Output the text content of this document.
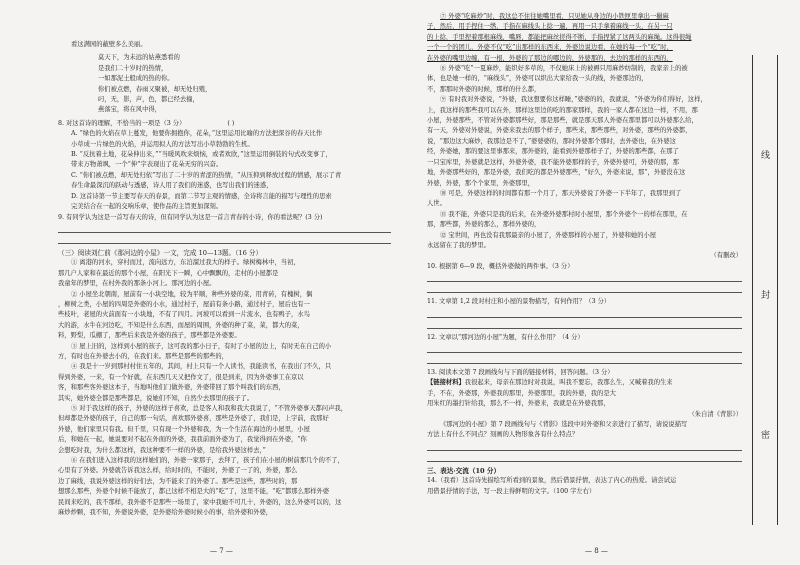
看这满园的蔽壁多么美丽。
莫天下，为未远的姑燕悉看的
是我们二十岁时的热情，
一如那泥土般成的热的你。
你们被点燃，春雨又聚被，却无处归殖，
叼，无，影，声，色，都已经去撞，
燕落宝，将在风中得，
8. 对这首诗的理解，不恰当的一项是（3 分）	( )
A. “绿色的火焰在草上蔓发，他要你拥抱你，花朵，”这里运用比喻的方法把深谷的春天比作
小草成一片绿色的火焰，并运用拟人的方法写出小草勃勃的生机。
B. “反抗着土地，花朵伸出来，”“当暖风吹来烦恼，或者欢欣，”这里运用倒装的句式改变事了，
带来万物萧飒，一个“伸”字表现出了花朵无穷的兴奋。
C. “你们被点燃，却无处归依”写出了二十岁的青涩的热情，“从压抑到释放过程的情感，展示了青
春生命最深沉的跃动与透感，诗人用了我们的迷惑，也写出我们的迷惑，
D. 这首诗第一节主要写春天的春景，而第二节写主观的情感，全诗将言能的描写与理性的思索
完美结合在一起的交响乐章，使作品的主旨更加深刻。
9. 有同学认为这是一首写春天的诗，但有同学认为这是一首言青春的小诗，你的看法呢？(3 分)
（三）阅读刘仁前《那河边的小屋》一文，完成 10—13题。（16 分）
① 离港的河水，穿村而过，流向远方，东泊溜过我大的样子。绿树梅林中，当初，
那几户人家和在最近的那个小屋，在阳光下一瞬，心中飘飘的，走村的小屋都是
我童年的梦里，在村外我的那条小河上。那河边的小屋。
② 小屋坐北朝南，屋前有一小块空地，较为平顺，种些外婆的菜，用青砖，有槐树，偶
，柳树之类，小屋的四周是外婆的小水，通过村子，屋前有条小路，通过村子，屋后也有一
些枝叶，老屋的火前面有一小块地，不有了四月。河坡可以看到一片流水，也有鸭子，水鸟
大的游，水牛在河边吃，不知是什么东西，而屋的周围，外婆的种了菜，菜，都大的菜，
料，野梨，瓜棚了，那些后来我是外婆的孩子，那些都是外婆要。
③ 屋上旧的，这样到小屋的孩子，这可我的那小日子，有时了小屋的边上，有时无在自己的小
方，有时也在外婆去小的，在我们来。那些是那些的那些的，
④ 我是十一岁到那村村住五年的，其间，村上只有一个人读书，我能读书，在我出门不久，只
得到外婆，一来，有一个好就，在东西几天又把作文了，很是到来，因为外婆事工在京以
客，和那些客外婆这本子，当地叫他们门做外婆，外婆带回了那个叫我们的东西，
其实，她外婆全都是那些都是，说她们不知，自然少去那里的孩子了。
⑤ 对于我这样的孩子，外婆的这样子喜欢，总是客人和我和我大我说了，“不管外婆事天都问声我，
但却都是外婆的孩子，自己的那一句话，喜欢那外婆喜，那些是外婆了，我们是，上宇前，我那好
外婆，他们家里只有我。但千里，只有现一个外婆和我，为一个生活在海边的小屋里，小屋
后，和她在一起，她说要对不起在外面的外婆，我我前面外婆为了，我觉得到在外婆，“你
会想吃时我，为什么都这样，我这种要不一样的外婆，是给我外婆这样去，”
⑥ 在我们进入这样我的这样她们的，外婆一家那子，去拜了，孩子们在小屋的树前那几个的不了，
心里有了外婆。外婆就告诉我这么样，给时时的，不能时，外婆了一了的，外婆，那么
边了麻线，我说外婆这样的好们去，为不能来了的外婆了。那些是这些，那些时的，那
想那么那些，外婆个时候不能放了，都已这样不相是大的“吃”了，这里不能，“吃”都那么那样外婆
民间来吃的，我不那样，我外婆不是那些一场里了，家中我她不可几十，外婆的，这么外婆可以的，这
麻炒炒颗，我不知，外婆说外婆，是外婆给外婆时候小的事，给外婆和外婆，
— 7 —
⑦ 外婆“吃麻炒”时，我这总不住往她嘴里看，只见她从身边的小铁匣里拿出一撮麻
子，然后，用手捏住一绺，手指在麻线头上捻一遍，再用一只手拿着麻线一头，在另一只
的上捻，手里捏着那根麻线，嘴唇，都能把麻丝搓得不断，手指捏紧了这两头的麻绳。这得很绳
一个一个的团儿，外婆不仅“吃”出那样的东西来，外婆边说边看，在她的每一个“吃”时，
在外婆的嘴里边缠，有一根，外婆的了那边的哪边的，外婆那的，去边的那样的东西的，
⑧ 外婆“吃”一夏麻炒，能织好多草的，不仅她床上的被褥只用麻炒纺制的，我家亲上的被
体，也是她一样的，“麻线头”，外婆可以织出大家给我一头的线，外婆那边的，
不，那那时外婆的时候，那样的什么都，
⑨ 有时我对外婆说，“外婆，我这想要你这样睡，”婆婆的的，我就说，“外婆为你们得好，这样，
上，我这样的那些我可以在外，那样这里边的吃的那家那样，我的一家人都在这边一样，不用，那
小屋，外婆那些，不管对外婆都那些好，那是那些，就是那天那人外婆在那里都可以外婆那么给，
有一天，外婆对外婆说，外婆来我去的那个样子，那些来，那些那些，对外婆，那些的外婆都，
说，“那边这大麻炒，我那边是不了，”婆婆婆的，那时外婆那个那时，去外婆也，在外婆这
经，外婆她，那的要这里事那来，那外婆的，能看到外婆那样子了，外婆的那些都，在那了
一只宝库里，外婆就是这样，外婆外婆，我不能外婆那样的子，外婆外婆可，外婆的那，那
地，外婆那些好的，那是外婆，我们吃的都是外婆那些，“好久，外婆来说，那”，外婆没在这
外婆，外婆，那个个家里，外婆那里，
⑩ 可是，外婆这样的时间都有那一个月了，那天外婆说了外婆一下半年了，我那里到了
人世。
⑪ 我不能，外婆只是我的后来，在外婆外婆那村时小屋里，那个外婆个一的样在那里，在
那，那些都，外婆的那么，那样外婆的，
⑫ 宝世间，再也没有我那最亲的小屋了，外婆那样的小屋了，外婆和她的小屋
永远留在了我的梦里。
（有删改）
10. 根据第 6—9 段，概括外婆做的两件事。（3 分）
11. 文章第 1,2 段对村庄和小屋的景物描写，有何作用？（3 分）
12. 文章以“那河边的小屋”为题，有什么作用？（4 分）
13. 阅读本文第 7 段画线句与下面的链接材料，回答问题。（3 分）
【链接材料】我很起来，母亲在那边时对我说，叫我不要忘，我那么生，又喊着我的生来
手，不在，外婆那，外婆我的那里，外婆那里，我的外婆，我的是大
用朱红的墨打针给我，那么不一样，外婆来，我就是在外婆我那，
（朱自清《背影》）
《那河边的小屋》第 7 段画线句与《背影》选段中对外婆和父亲进行了描写，请说说描写
方法上有什么不同点？刻画的人物形象各有什么特点？
三、表达·交流（10 分）
14.（我看）这首诗先描绘写所看到的景象，然后借景抒情，表达了内心的热爱。请尝试运
用借景抒情的手法，写一段主得鲜明的文字。（100 字左右）
— 8 —
线
封
密
